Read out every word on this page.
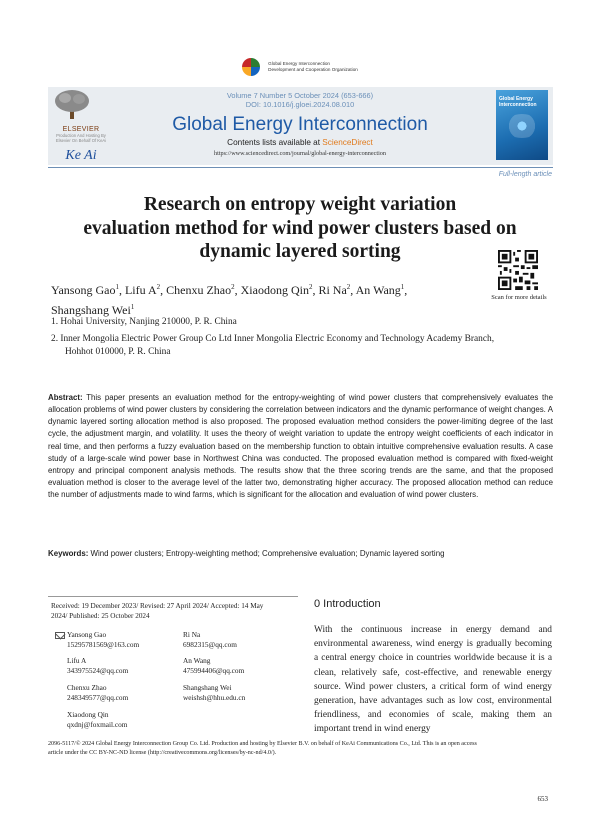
Global Energy Interconnection
Development and Cooperation Organization
ELSEVIER
Production And Hosting By Elsevier On Behalf Of KeAi
Ke Ai
Volume 7 Number 5 October 2024 (653-666)
DOI: 10.1016/j.gloei.2024.08.010
Global Energy Interconnection
Contents lists available at ScienceDirect
https://www.sciencedirect.com/journal/global-energy-interconnection
Global Energy Interconnection
Full-length article
Research on entropy weight variation
evaluation method for wind power clusters based on
dynamic layered sorting
Yansong Gao$^1$, Lifu $A^2$, Chenxu Zhao$^2$, Xiaodong Qin$^2$, Ri Na$^2$, An Wang$^1$,
Shangshang Wei$^1$
Scan for more details
1. Hohai University, Nanjing 210000, P. R. China
2. Inner Mongolia Electric Power Group Co Ltd Inner Mongolia Electric Economy and Technology Academy Branch,
Hohhot 010000, P. R. China
Abstract: This paper presents an evaluation method for the entropy-weighting of wind power clusters that comprehensively evaluates the allocation problems of wind power clusters by considering the correlation between indicators and the dynamic performance of weight changes. A dynamic layered sorting allocation method is also proposed. The proposed evaluation method considers the power-limiting degree of the last cycle, the adjustment margin, and volatility. It uses the theory of weight variation to update the entropy weight coefficients of each indicator in real time, and then performs a fuzzy evaluation based on the membership function to obtain intuitive comprehensive evaluation results. A case study of a large-scale wind power base in Northwest China was conducted. The proposed evaluation method is compared with fixed-weight entropy and principal component analysis methods. The results show that the three scoring trends are the same, and that the proposed evaluation method is closer to the average level of the latter two, demonstrating higher accuracy. The proposed allocation method can reduce the number of adjustments made to wind farms, which is significant for the allocation and evaluation of wind power clusters.
Keywords: Wind power clusters; Entropy-weighting method; Comprehensive evaluation; Dynamic layered sorting
Received: 19 December 2023/ Revised: 27 April 2024/ Accepted: 14 May
2024/ Published: 25 October 2024
Yansong Gao
15295781569@163.com
Lifu A
343975524@qq.com
Chenxu Zhao
248349577@qq.com
Xiaodong Qin
qxdnj@foxmail.com
Ri Na
6982315@qq.com
An Wang
475994406@qq.com
Shangshang Wei
weishsh@hhu.edu.cn
0 Introduction
With the continuous increase in energy demand and environmental awareness, wind energy is gradually becoming a central energy choice in countries worldwide because it is a clean, relatively safe, cost-effective, and renewable energy source. Wind power clusters, a critical form of wind energy generation, have advantages such as low cost, environmental friendliness, and economies of scale, making them an important trend in wind energy
2096-5117/© 2024 Global Energy Interconnection Group Co. Ltd. Production and hosting by Elsevier B.V. on behalf of KeAi Communications Co., Ltd. This is an open access
article under the CC BY-NC-ND license (http://creativecommons.org/licenses/by-nc-nd/4.0/).
653
